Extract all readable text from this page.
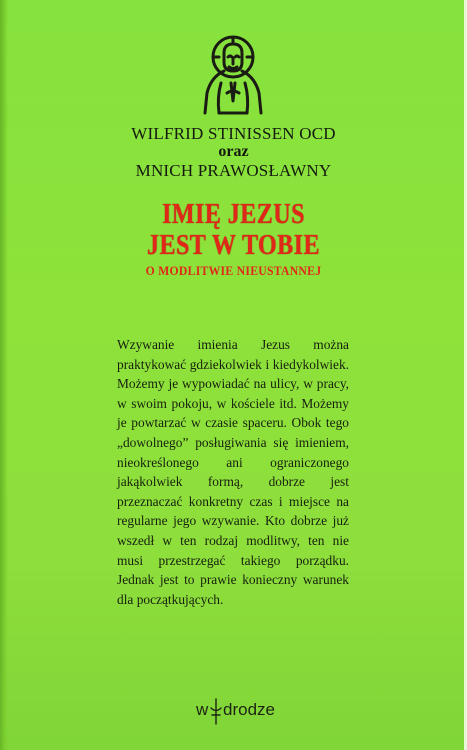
WILFRID STINISSEN OCD
oraz
MNICH PRAWOSŁAWNY
IMIĘ JEZUS
JEST W TOBIE
O MODLITWIE NIEUSTANNEJ
Wzywanie imienia Jezus można praktykować gdziekolwiek i kiedykolwiek. Możemy je wypowiadać na ulicy, w pracy, w swoim pokoju, w kościele itd. Możemy je powtarzać w czasie spaceru. Obok tego „dowolnego” posługiwania się imieniem, nieokreślonego ani ograniczonego jakąkolwiek formą, dobrze jest przeznaczać konkretny czas i miejsce na regularne jego wzywanie. Kto dobrze już wszedł w ten rodzaj modlitwy, ten nie musi przestrzegać takiego porządku. Jednak jest to prawie konieczny warunek dla początkujących.
w drodze
